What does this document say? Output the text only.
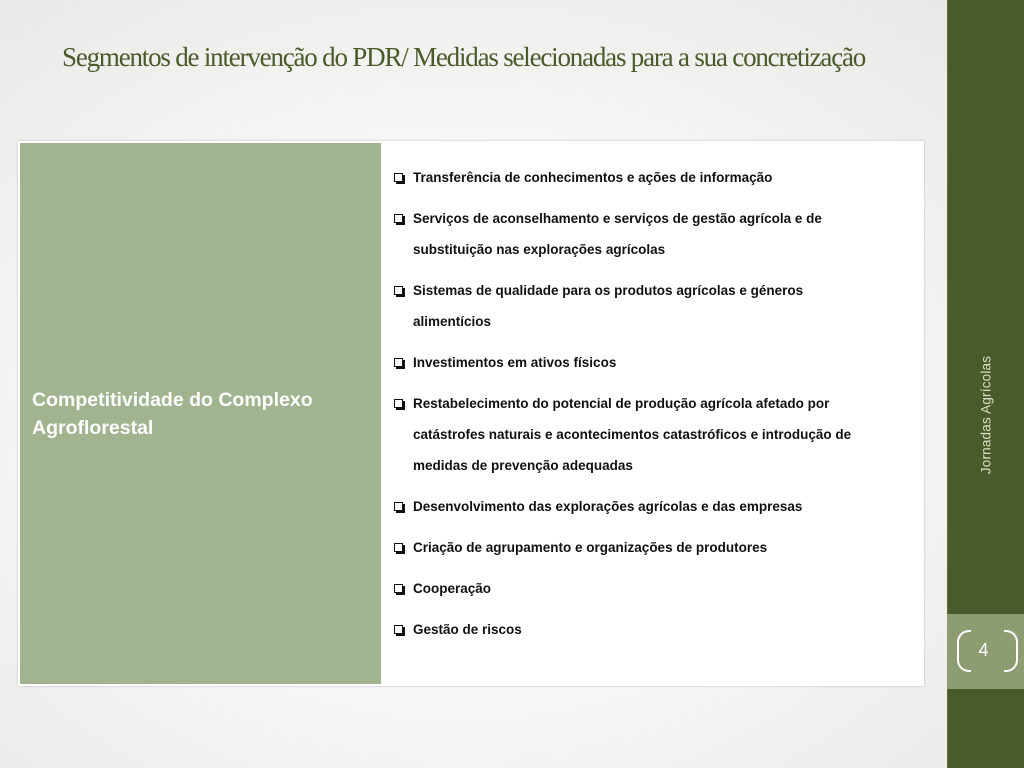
Segmentos de intervenção do PDR/ Medidas selecionadas para a sua concretização
Competitividade do Complexo Agroflorestal
Transferência de conhecimentos e ações de informação
Serviços de aconselhamento e serviços de gestão agrícola e de
substituição nas explorações agrícolas
Sistemas de qualidade para os produtos agrícolas e géneros
alimentícios
Investimentos em ativos físicos
Restabelecimento do potencial de produção agrícola afetado por
catástrofes naturais e acontecimentos catastróficos e introdução de
medidas de prevenção adequadas
Desenvolvimento das explorações agrícolas e das empresas
Criação de agrupamento e organizações de produtores
Cooperação
Gestão de riscos
Jornadas Agrícolas
4
